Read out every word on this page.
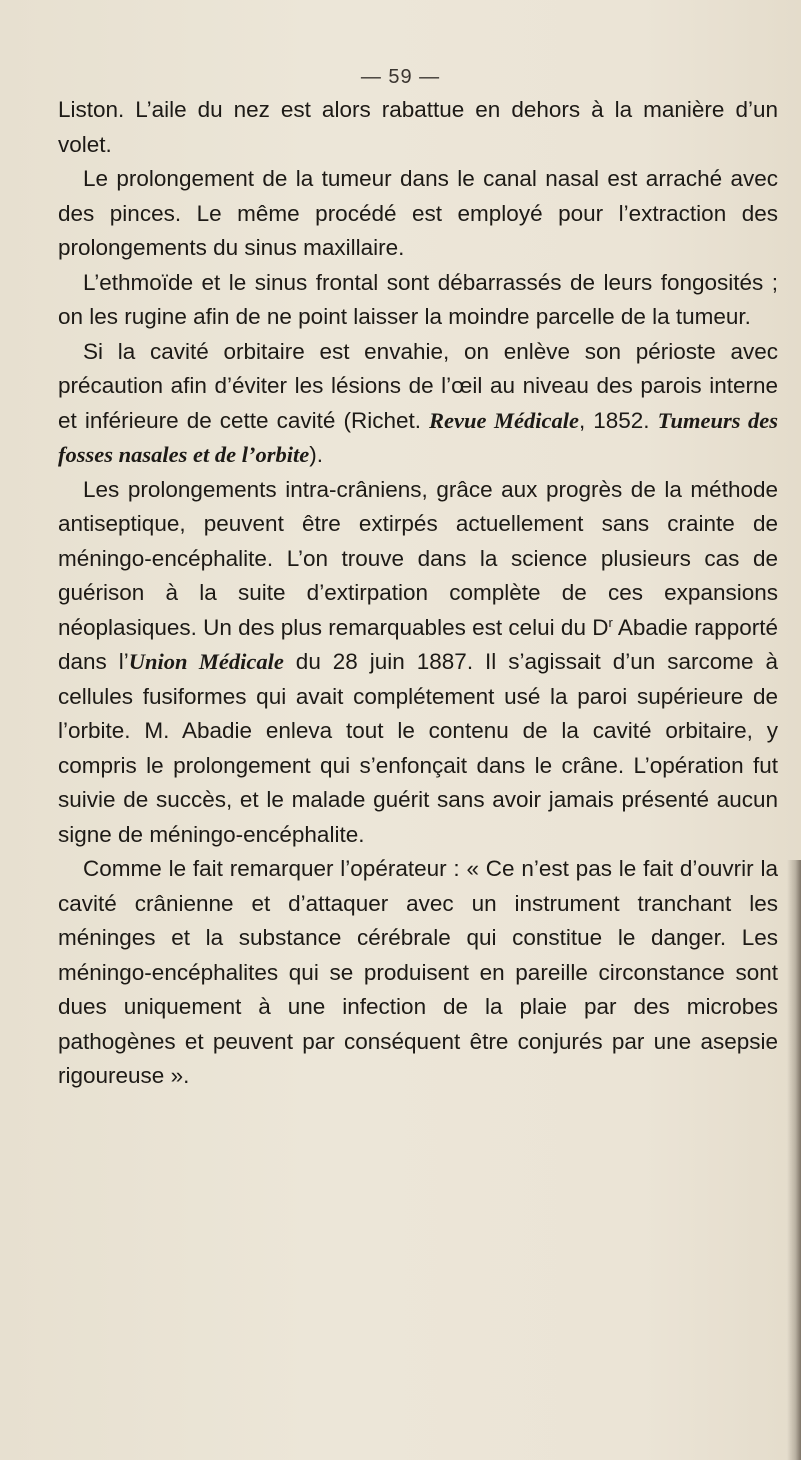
— 59 —

Liston. L’aile du nez est alors rabattue en dehors à la manière d’un volet.

Le prolongement de la tumeur dans le canal nasal est arraché avec des pinces. Le même procédé est employé pour l’extraction des prolongements du sinus maxillaire.

L’ethmoïde et le sinus frontal sont débarrassés de leurs fongosités ; on les rugine afin de ne point laisser la moindre parcelle de la tumeur.

Si la cavité orbitaire est envahie, on enlève son périoste avec précaution afin d’éviter les lésions de l’œil au niveau des parois interne et inférieure de cette cavité (Richet. Revue Médicale, 1852. Tumeurs des fosses nasales et de l’orbite).

Les prolongements intra-crâniens, grâce aux progrès de la méthode antiseptique, peuvent être extirpés actuellement sans crainte de méningo-encéphalite. L’on trouve dans la science plusieurs cas de guérison à la suite d’extirpation complète de ces expansions néoplasiques. Un des plus remarquables est celui du $D^r$ Abadie rapporté dans l’Union Médicale du 28 juin 1887. Il s’agissait d’un sarcome à cellules fusiformes qui avait complétement usé la paroi supérieure de l’orbite. M. Abadie enleva tout le contenu de la cavité orbitaire, y compris le prolongement qui s’enfonçait dans le crâne. L’opération fut suivie de succès, et le malade guérit sans avoir jamais présenté aucun signe de méningo-encéphalite.

Comme le fait remarquer l’opérateur : « Ce n’est pas le fait d’ouvrir la cavité crânienne et d’attaquer avec un instrument tranchant les méninges et la substance cérébrale qui constitue le danger. Les méningo-encéphalites qui se produisent en pareille circonstance sont dues uniquement à une infection de la plaie par des microbes pathogènes et peuvent par conséquent être conjurés par une asepsie rigoureuse ».
